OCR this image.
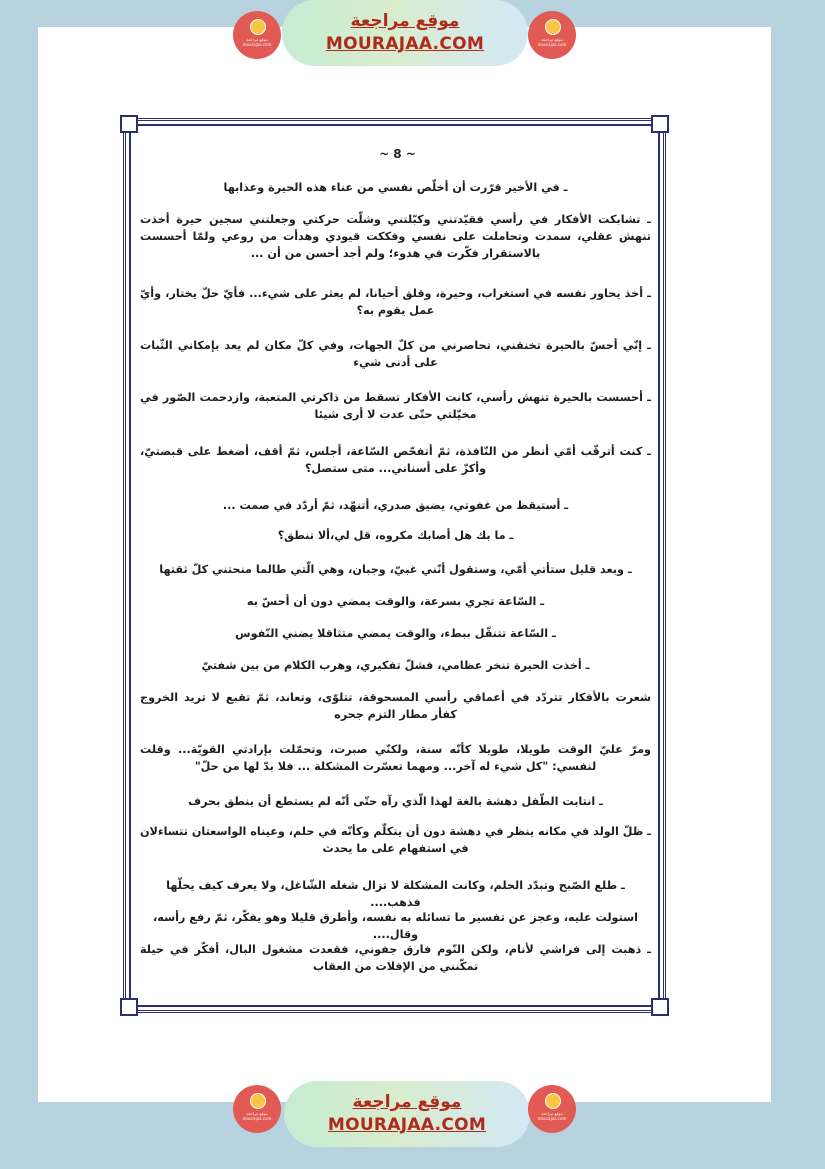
موقع مراجعة mourajaa.com
موقع مراجعة
MOURAJAA.COM	موقع مراجعة mourajaa.com
~ 8 ~

ـ في الأخير قرّرت أن أخلّص نفسي من عناء هذه الحيرة وعذابها

ـ تشابكت الأفكار في رأسي فقيّدتني وكبّلتني وشلّت حركتي وجعلتني سجين حيرة أخذت تنهش عقلي، سمدت وتحاملت على نفسي وفككت قيودي وهدأت من روعي ولمّا أحسست بالاستقرار فكّرت في هدوء؛ ولم أجد أحسن من أن ...

ـ أخذ يحاور نفسه في استغراب، وحيرة، وقلق أحيانا، لم يعثر على شيء... فأيّ حلّ يختار، وأيّ عمل يقوم به؟

ـ إنّي أحسّ بالحيرة تخنقني، تحاصرني من كلّ الجهات، وفي كلّ مكان لم يعد بإمكاني الثّبات على أدنى شيء

ـ أحسست بالحيرة تنهش رأسي، كانت الأفكار تسقط من ذاكرتي المتعبة، وازدحمت الصّور في مخيّلتي حتّى عدت لا أرى شيئا

ـ كنت أترقّب أمّي أنظر من النّافذة، ثمّ أتفحّص السّاعة، أجلس، ثمّ أقف، أضغط على قبضتيّ، وأكزّ على أسناني... متى ستصل؟

ـ أستيقظ من غفوتي، يضيق صدري، أتنهّد، ثمّ أردّد في صمت ...

ـ ما بك هل أصابك مكروه، قل لي،ألا تنطق؟

ـ وبعد قليل ستأتي أمّي، وستقول أنّني غبيّ، وجبان، وهي الّتي طالما منحتني كلّ ثقتها

ـ السّاعة تجري بسرعة، والوقت يمضي دون أن أحسّ به

ـ السّاعة تتنقّل ببطء، والوقت يمضي متثاقلا يضني النّفوس

ـ أخذت الحيرة تنخر عظامي، فشلّ تفكيري، وهرب الكلام من بين شفتيّ

شعرت بالأفكار تتردّد في أعماقي رأسي المسحوقة، تتلوّى، وتعاند، ثمّ تقبع لا تريد الخروج كفأر مطار التزم جحره

ومرّ عليّ الوقت طويلا، طويلا كأنّه سنة، ولكنّي صبرت، وتحمّلت بإرادتي القويّة... وقلت لنفسي: "كل شيء له آخر... ومهما تعسّرت المشكلة ... فلا بدّ لها من حلّ"

ـ انتابت الطّفل دهشة بالغة لهذا الّذي رآه حتّى أنّه لم يستطع أن ينطق بحرف

ـ ظلّ الولد في مكانه ينظر في دهشة دون أن يتكلّم وكأنّه في حلم، وعيناه الواسعتان تتساءلان في استفهام على ما يحدث

ـ طلع الصّبح وتبدّد الحلم، وكانت المشكلة لا تزال شغله الشّاغل، ولا يعرف كيف يحلّها فذهب....

استولت عليه، وعجز عن تفسير ما تسائله به نفسه، وأطرق قليلا وهو يفكّر، ثمّ رفع رأسه، وقال....

ـ ذهبت إلى فراشي لأنام، ولكن النّوم فارق جفوني، فقعدت مشغول البال، أفكّر في حيلة تمكّنني من الإفلات من العقاب

موقع مراجعة mourajaa.com
موقع مراجعة
MOURAJAA.COM
موقع مراجعة mourajaa.com
